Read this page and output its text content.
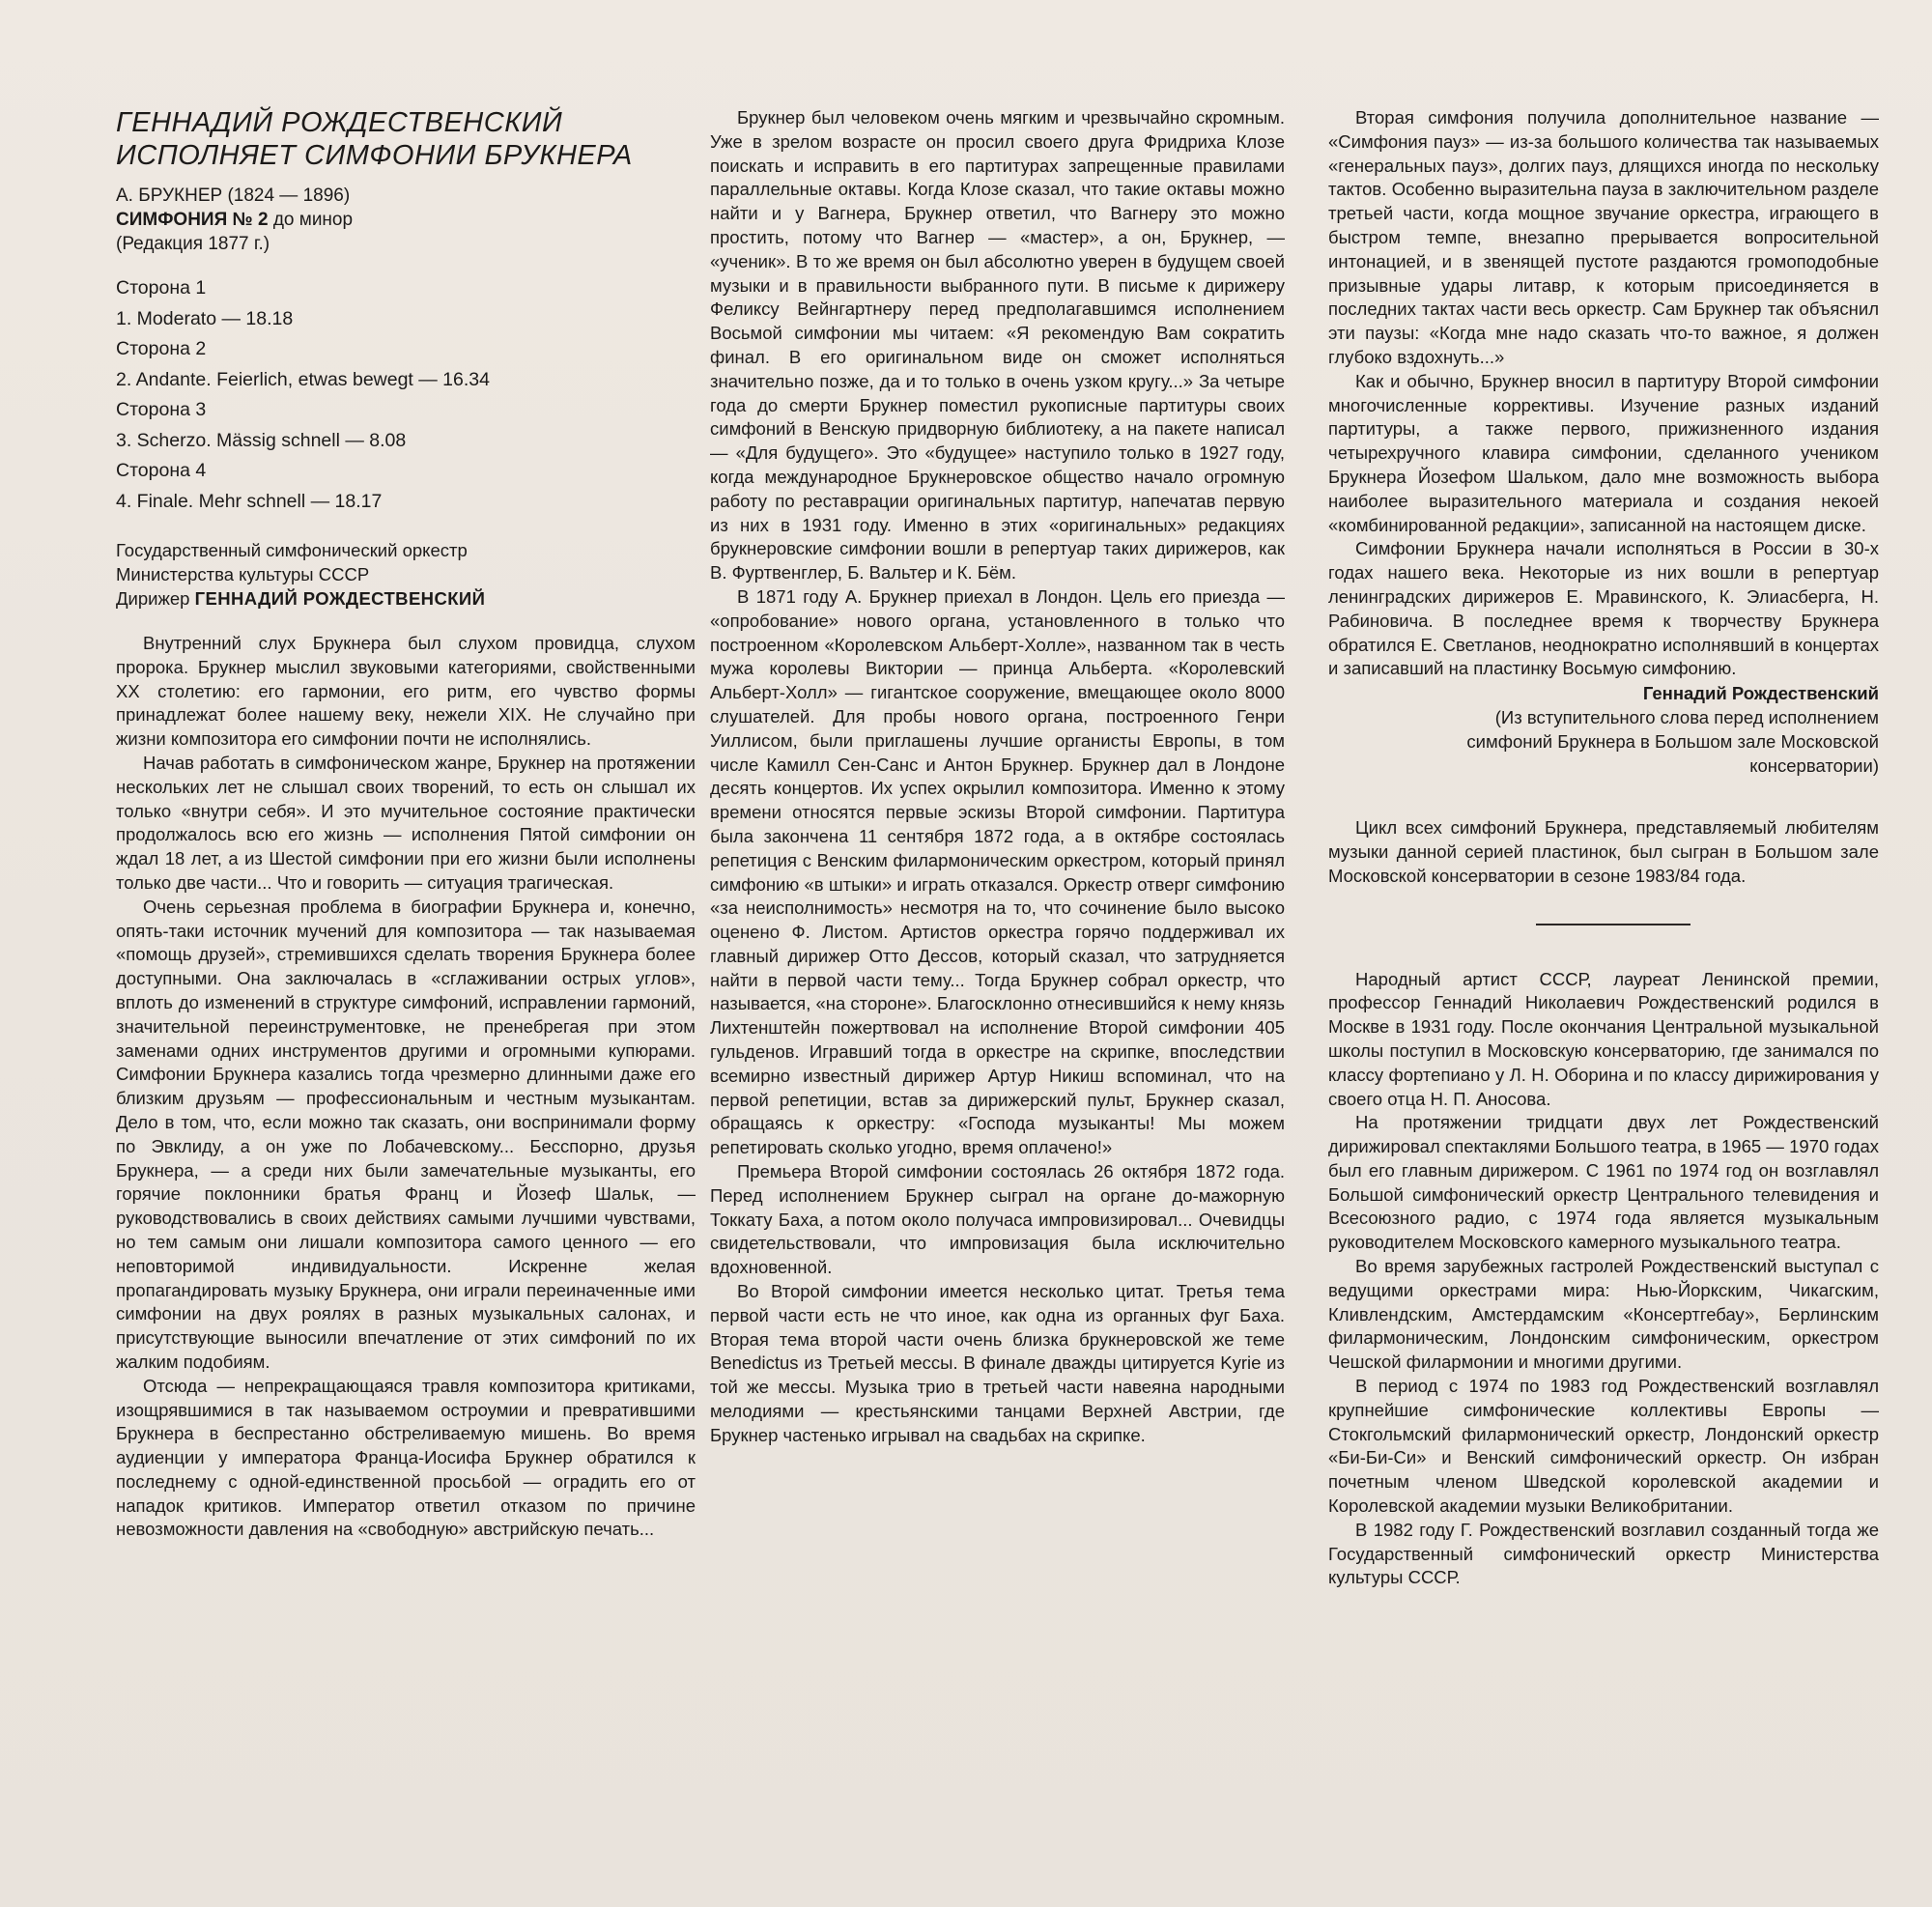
ГЕННАДИЙ РОЖДЕСТВЕНСКИЙ
ИСПОЛНЯЕТ СИМФОНИИ БРУКНЕРА

А. БРУКНЕР (1824 — 1896)

СИМФОНИЯ № 2 до минор

(Редакция 1877 г.)

Сторона 1
1. Moderato — 18.18
Сторона 2
2. Andante. Feierlich, etwas bewegt — 16.34
Сторона 3
3. Scherzo. Mässig schnell — 8.08
Сторона 4
4. Finale. Mehr schnell — 18.17
Государственный симфонический оркестр
Министерства культуры СССР
Дирижер ГЕННАДИЙ РОЖДЕСТВЕНСКИЙ

Внутренний слух Брукнера был слухом провидца, слухом пророка. Брукнер мыслил звуковыми категориями, свойственными XX столетию: его гармонии, его ритм, его чувство формы принадлежат более нашему веку, нежели XIX. Не случайно при жизни композитора его симфонии почти не исполнялись.

Начав работать в симфоническом жанре, Брукнер на протяжении нескольких лет не слышал своих творений, то есть он слышал их только «внутри себя». И это мучительное состояние практически продолжалось всю его жизнь — исполнения Пятой симфонии он ждал 18 лет, а из Шестой симфонии при его жизни были исполнены только две части... Что и говорить — ситуация трагическая.

Очень серьезная проблема в биографии Брукнера и, конечно, опять-таки источник мучений для композитора — так называемая «помощь друзей», стремившихся сделать творения Брукнера более доступными. Она заключалась в «сглаживании острых углов», вплоть до изменений в структуре симфоний, исправлении гармоний, значительной переинструментовке, не пренебрегая при этом заменами одних инструментов другими и огромными купюрами. Симфонии Брукнера казались тогда чрезмерно длинными даже его близким друзьям — профессиональным и честным музыкантам. Дело в том, что, если можно так сказать, они воспринимали форму по Эвклиду, а он уже по Лобачевскому... Бесспорно, друзья Брукнера, — а среди них были замечательные музыканты, его горячие поклонники братья Франц и Йозеф Шальк, — руководствовались в своих действиях самыми лучшими чувствами, но тем самым они лишали композитора самого ценного — его неповторимой индивидуальности. Искренне желая пропагандировать музыку Брукнера, они играли переиначенные ими симфонии на двух роялях в разных музыкальных салонах, и присутствующие выносили впечатление от этих симфоний по их жалким подобиям.

Отсюда — непрекращающаяся травля композитора критиками, изощрявшимися в так называемом остроумии и превратившими Брукнера в беспрестанно обстреливаемую мишень. Во время аудиенции у императора Франца-Иосифа Брукнер обратился к последнему с одной-единственной просьбой — оградить его от нападок критиков. Император ответил отказом по причине невозможности давления на «свободную» австрийскую печать...

Брукнер был человеком очень мягким и чрезвычайно скромным. Уже в зрелом возрасте он просил своего друга Фридриха Клозе поискать и исправить в его партитурах запрещенные правилами параллельные октавы. Когда Клозе сказал, что такие октавы можно найти и у Вагнера, Брукнер ответил, что Вагнеру это можно простить, потому что Вагнер — «мастер», а он, Брукнер, — «ученик». В то же время он был абсолютно уверен в будущем своей музыки и в правильности выбранного пути. В письме к дирижеру Феликсу Вейнгартнеру перед предполагавшимся исполнением Восьмой симфонии мы читаем: «Я рекомендую Вам сократить финал. В его оригинальном виде он сможет исполняться значительно позже, да и то только в очень узком кругу...» За четыре года до смерти Брукнер поместил рукописные партитуры своих симфоний в Венскую придворную библиотеку, а на пакете написал — «Для будущего». Это «будущее» наступило только в 1927 году, когда международное Брукнеровское общество начало огромную работу по реставрации оригинальных партитур, напечатав первую из них в 1931 году. Именно в этих «оригинальных» редакциях брукнеровские симфонии вошли в репертуар таких дирижеров, как В. Фуртвенглер, Б. Вальтер и К. Бём.

В 1871 году А. Брукнер приехал в Лондон. Цель его приезда — «опробование» нового органа, установленного в только что построенном «Королевском Альберт-Холле», названном так в честь мужа королевы Виктории — принца Альберта. «Королевский Альберт-Холл» — гигантское сооружение, вмещающее около 8000 слушателей. Для пробы нового органа, построенного Генри Уиллисом, были приглашены лучшие органисты Европы, в том числе Камилл Сен-Санс и Антон Брукнер. Брукнер дал в Лондоне десять концертов. Их успех окрылил композитора. Именно к этому времени относятся первые эскизы Второй симфонии. Партитура была закончена 11 сентября 1872 года, а в октябре состоялась репетиция с Венским филармоническим оркестром, который принял симфонию «в штыки» и играть отказался. Оркестр отверг симфонию «за неисполнимость» несмотря на то, что сочинение было высоко оценено Ф. Листом. Артистов оркестра горячо поддерживал их главный дирижер Отто Дессов, который сказал, что затрудняется найти в первой части тему... Тогда Брукнер собрал оркестр, что называется, «на стороне». Благосклонно отнесившийся к нему князь Лихтенштейн пожертвовал на исполнение Второй симфонии 405 гульденов. Игравший тогда в оркестре на скрипке, впоследствии всемирно известный дирижер Артур Никиш вспоминал, что на первой репетиции, встав за дирижерский пульт, Брукнер сказал, обращаясь к оркестру: «Господа музыканты! Мы можем репетировать сколько угодно, время оплачено!»

Премьера Второй симфонии состоялась 26 октября 1872 года. Перед исполнением Брукнер сыграл на органе до-мажорную Токкату Баха, а потом около получаса импровизировал... Очевидцы свидетельствовали, что импровизация была исключительно вдохновенной.

Во Второй симфонии имеется несколько цитат. Третья тема первой части есть не что иное, как одна из органных фуг Баха. Вторая тема второй части очень близка брукнеровской же теме Benedictus из Третьей мессы. В финале дважды цитируется Kyrie из той же мессы. Музыка трио в третьей части навеяна народными мелодиями — крестьянскими танцами Верхней Австрии, где Брукнер частенько игрывал на свадьбах на скрипке.

Вторая симфония получила дополнительное название — «Симфония пауз» — из-за большого количества так называемых «генеральных пауз», долгих пауз, длящихся иногда по нескольку тактов. Особенно выразительна пауза в заключительном разделе третьей части, когда мощное звучание оркестра, играющего в быстром темпе, внезапно прерывается вопросительной интонацией, и в звенящей пустоте раздаются громоподобные призывные удары литавр, к которым присоединяется в последних тактах части весь оркестр. Сам Брукнер так объяснил эти паузы: «Когда мне надо сказать что-то важное, я должен глубоко вздохнуть...»

Как и обычно, Брукнер вносил в партитуру Второй симфонии многочисленные коррективы. Изучение разных изданий партитуры, а также первого, прижизненного издания четырехручного клавира симфонии, сделанного учеником Брукнера Йозефом Шальком, дало мне возможность выбора наиболее выразительного материала и создания некоей «комбинированной редакции», записанной на настоящем диске.

Симфонии Брукнера начали исполняться в России в 30-х годах нашего века. Некоторые из них вошли в репертуар ленинградских дирижеров Е. Мравинского, К. Элиасберга, Н. Рабиновича. В последнее время к творчеству Брукнера обратился Е. Светланов, неоднократно исполнявший в концертах и записавший на пластинку Восьмую симфонию.

Геннадий Рождественский

(Из вступительного слова перед исполнением симфоний Брукнера в Большом зале Московской консерватории)

Цикл всех симфоний Брукнера, представляемый любителям музыки данной серией пластинок, был сыгран в Большом зале Московской консерватории в сезоне 1983/84 года.

Народный артист СССР, лауреат Ленинской премии, профессор Геннадий Николаевич Рождественский родился в Москве в 1931 году. После окончания Центральной музыкальной школы поступил в Московскую консерваторию, где занимался по классу фортепиано у Л. Н. Оборина и по классу дирижирования у своего отца Н. П. Аносова.

На протяжении тридцати двух лет Рождественский дирижировал спектаклями Большого театра, в 1965 — 1970 годах был его главным дирижером. С 1961 по 1974 год он возглавлял Большой симфонический оркестр Центрального телевидения и Всесоюзного радио, с 1974 года является музыкальным руководителем Московского камерного музыкального театра.

Во время зарубежных гастролей Рождественский выступал с ведущими оркестрами мира: Нью-Йоркским, Чикагским, Кливлендским, Амстердамским «Консертгебау», Берлинским филармоническим, Лондонским симфоническим, оркестром Чешской филармонии и многими другими.

В период с 1974 по 1983 год Рождественский возглавлял крупнейшие симфонические коллективы Европы — Стокгольмский филармонический оркестр, Лондонский оркестр «Би-Би-Си» и Венский симфонический оркестр. Он избран почетным членом Шведской королевской академии и Королевской академии музыки Великобритании.

В 1982 году Г. Рождественский возглавил созданный тогда же Государственный симфонический оркестр Министерства культуры СССР.
